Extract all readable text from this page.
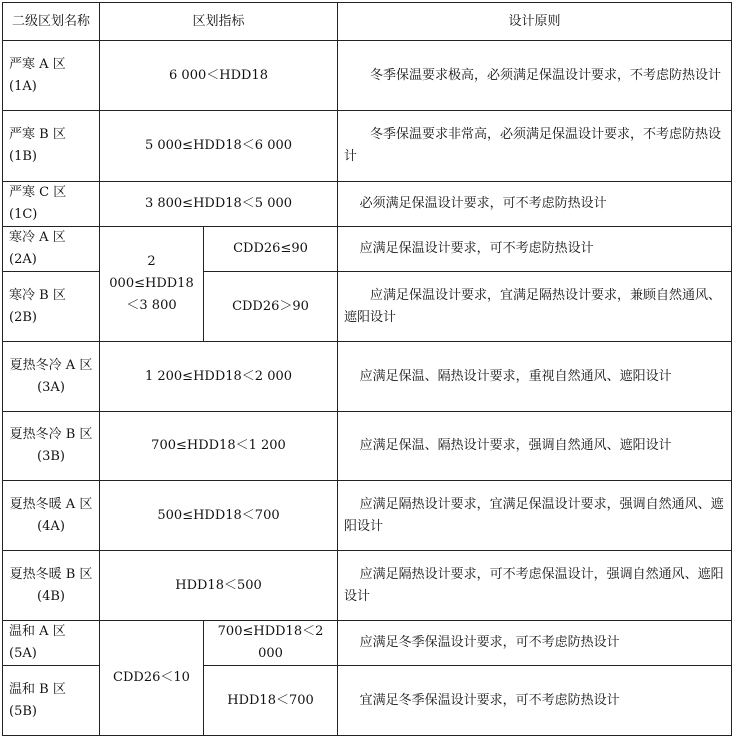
二级区划名称	区划指标		设计原则
严寒 A 区(1A)	6 000＜HDD18		冬季保温要求极高，必须满足保温设计要求，不考虑防热设计
严寒 B 区(1B)	5 000≤HDD18＜6 000		冬季保温要求非常高，必须满足保温设计要求，不考虑防热设计
严寒 C 区(1C)	3 800≤HDD18＜5 000		必须满足保温设计要求，可不考虑防热设计
寒冷 A 区(2A)	2 000≤HDD18＜3 800	CDD26≤90	应满足保温设计要求，可不考虑防热设计
寒冷 B 区(2B)		CDD26＞90	应满足保温设计要求，宜满足隔热设计要求，兼顾自然通风、遮阳设计
夏热冬冷 A 区(3A)	1 200≤HDD18＜2 000		应满足保温、隔热设计要求，重视自然通风、遮阳设计
夏热冬冷 B 区(3B)	700≤HDD18＜1 200		应满足保温、隔热设计要求，强调自然通风、遮阳设计
夏热冬暖 A 区(4A)	500≤HDD18＜700		应满足隔热设计要求，宜满足保温设计要求，强调自然通风、遮阳设计
夏热冬暖 B 区(4B)	HDD18＜500		应满足隔热设计要求，可不考虑保温设计，强调自然通风、遮阳设计
温和 A 区(5A)	CDD26＜10	700≤HDD18＜2 000	应满足冬季保温设计要求，可不考虑防热设计
温和 B 区(5B)		HDD18＜700	宜满足冬季保温设计要求，可不考虑防热设计
